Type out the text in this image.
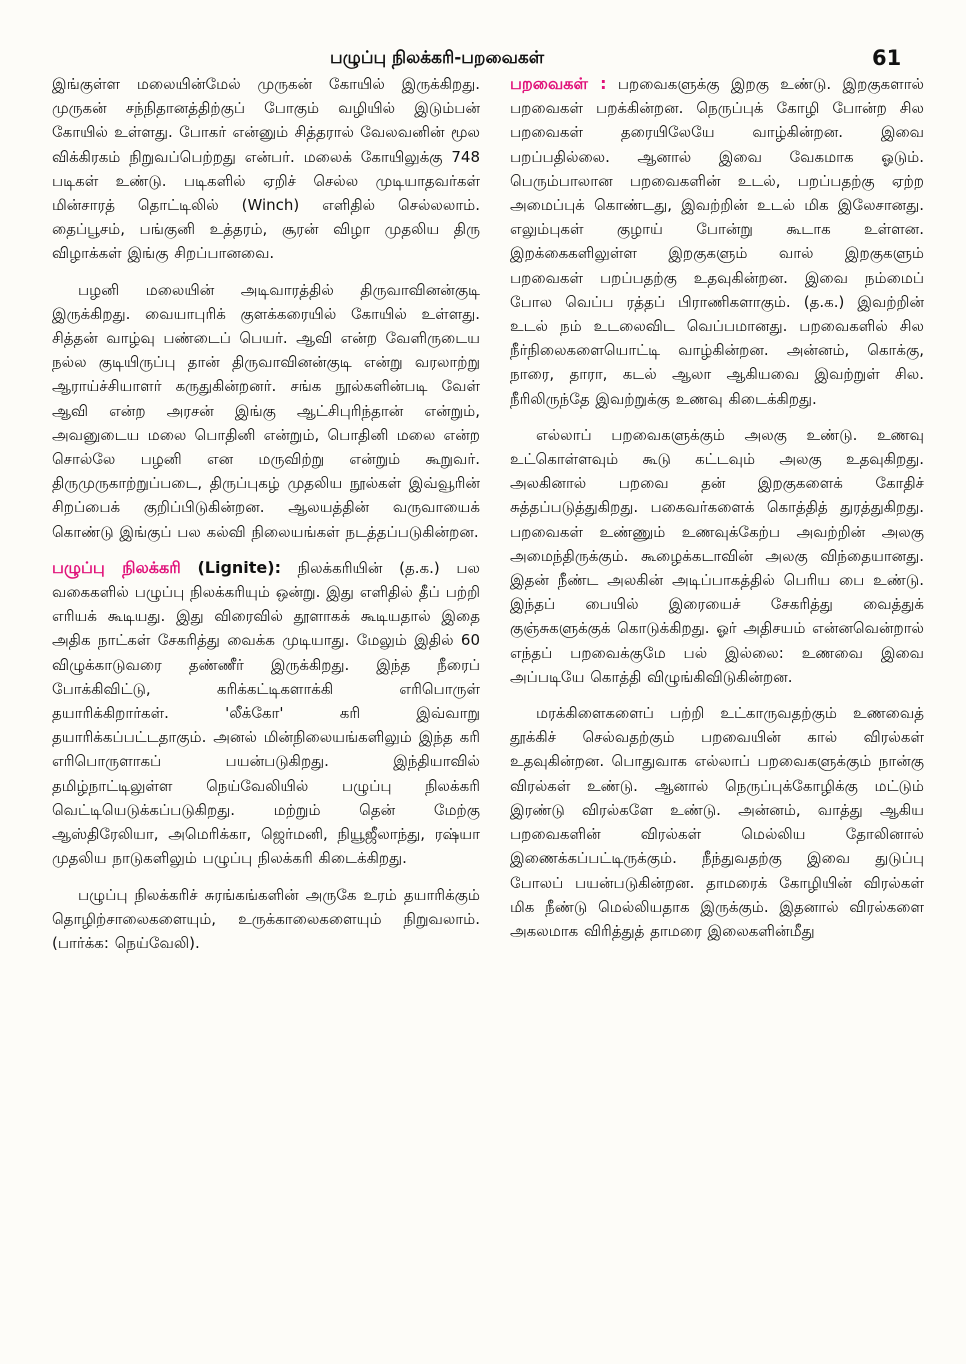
பழுப்பு நிலக்கரி-பறவைகள்	61

இங்குள்ள மலையின்மேல் முருகன் கோயில் இருக்கிறது. முருகன் சந்நிதானத்திற்குப் போகும் வழியில் இடும்பன் கோயில் உள்ளது. போகர் என்னும் சித்தரால் வேலவனின் மூல விக்கிரகம் நிறுவப்பெற்றது என்பர். மலைக் கோயிலுக்கு 748 படிகள் உண்டு. படிகளில் ஏறிச் செல்ல முடியாதவர்கள் மின்சாரத் தொட்டிலில் (Winch) எளிதில் செல்லலாம். தைப்பூசம், பங்குனி உத்தரம், சூரன் விழா முதலிய திரு விழாக்கள் இங்கு சிறப்பானவை.

பழனி மலையின் அடிவாரத்தில் திருவாவினன்குடி இருக்கிறது. வையாபுரிக் குளக்கரையில் கோயில் உள்ளது. சித்தன் வாழ்வு பண்டைப் பெயர். ஆவி என்ற வேளிருடைய நல்ல குடியிருப்பு தான் திருவாவினன்குடி என்று வரலாற்று ஆராய்ச்சியாளர் கருதுகின்றனர். சங்க நூல்களின்படி வேள் ஆவி என்ற அரசன் இங்கு ஆட்சிபுரிந்தான் என்றும், அவனுடைய மலை பொதினி என்றும், பொதினி மலை என்ற சொல்லே பழனி என மருவிற்று என்றும் கூறுவர். திருமுருகாற்றுப்படை, திருப்புகழ் முதலிய நூல்கள் இவ்வூரின் சிறப்பைக் குறிப்பிடுகின்றன. ஆலயத்தின் வருவாயைக் கொண்டு இங்குப் பல கல்வி நிலையங்கள் நடத்தப்படுகின்றன.

பழுப்பு நிலக்கரி (Lignite): நிலக்கரியின் (த.க.) பல வகைகளில் பழுப்பு நிலக்கரியும் ஒன்று. இது எளிதில் தீப் பற்றி எரியக் கூடியது. இது விரைவில் தூளாகக் கூடியதால் இதை அதிக நாட்கள் சேகரித்து வைக்க முடியாது. மேலும் இதில் 60 விழுக்காடுவரை தண்ணீர் இருக்கிறது. இந்த நீரைப் போக்கிவிட்டு, கரிக்கட்டிகளாக்கி எரிபொருள் தயாரிக்கிறார்கள். 'லீக்கோ' கரி இவ்வாறு தயாரிக்கப்பட்டதாகும். அனல் மின்நிலையங்களிலும் இந்த கரி எரிபொருளாகப் பயன்படுகிறது. இந்தியாவில் தமிழ்நாட்டிலுள்ள நெய்வேலியில் பழுப்பு நிலக்கரி வெட்டியெடுக்கப்படுகிறது. மற்றும் தென் மேற்கு ஆஸ்திரேலியா, அமெரிக்கா, ஜெர்மனி, நியூஜீலாந்து, ரஷ்யா முதலிய நாடுகளிலும் பழுப்பு நிலக்கரி கிடைக்கிறது.

பழுப்பு நிலக்கரிச் சுரங்கங்களின் அருகே உரம் தயாரிக்கும் தொழிற்சாலைகளையும், உருக்காலைகளையும் நிறுவலாம். (பார்க்க: நெய்வேலி).

பறவைகள் : பறவைகளுக்கு இறகு உண்டு. இறகுகளால் பறவைகள் பறக்கின்றன. நெருப்புக் கோழி போன்ற சில பறவைகள் தரையிலேயே வாழ்கின்றன. இவை பறப்பதில்லை. ஆனால் இவை வேகமாக ஓடும். பெரும்பாலான பறவைகளின் உடல், பறப்பதற்கு ஏற்ற அமைப்புக் கொண்டது, இவற்றின் உடல் மிக இலேசானது. எலும்புகள் குழாய் போன்று கூடாக உள்ளன. இறக்கைகளிலுள்ள இறகுகளும் வால் இறகுகளும் பறவைகள் பறப்பதற்கு உதவுகின்றன. இவை நம்மைப் போல வெப்ப ரத்தப் பிராணிகளாகும். (த.க.) இவற்றின் உடல் நம் உடலைவிட வெப்பமானது. பறவைகளில் சில நீர்நிலைகளையொட்டி வாழ்கின்றன. அன்னம், கொக்கு, நாரை, தாரா, கடல் ஆலா ஆகியவை இவற்றுள் சில. நீரிலிருந்தே இவற்றுக்கு உணவு கிடைக்கிறது.

எல்லாப் பறவைகளுக்கும் அலகு உண்டு. உணவு உட்கொள்ளவும் கூடு கட்டவும் அலகு உதவுகிறது. அலகினால் பறவை தன் இறகுகளைக் கோதிச் சுத்தப்படுத்துகிறது. பகைவர்களைக் கொத்தித் துரத்துகிறது. பறவைகள் உண்ணும் உணவுக்கேற்ப அவற்றின் அலகு அமைந்திருக்கும். கூழைக்கடாவின் அலகு விந்தையானது. இதன் நீண்ட அலகின் அடிப்பாகத்தில் பெரிய பை உண்டு. இந்தப் பையில் இரையைச் சேகரித்து வைத்துக் குஞ்சுகளுக்குக் கொடுக்கிறது. ஓர் அதிசயம் என்னவென்றால் எந்தப் பறவைக்குமே பல் இல்லை: உணவை இவை அப்படியே கொத்தி விழுங்கிவிடுகின்றன.

மரக்கிளைகளைப் பற்றி உட்காருவதற்கும் உணவைத் தூக்கிச் செல்வதற்கும் பறவையின் கால் விரல்கள் உதவுகின்றன. பொதுவாக எல்லாப் பறவைகளுக்கும் நான்கு விரல்கள் உண்டு. ஆனால் நெருப்புக்கோழிக்கு மட்டும் இரண்டு விரல்களே உண்டு. அன்னம், வாத்து ஆகிய பறவைகளின் விரல்கள் மெல்லிய தோலினால் இணைக்கப்பட்டிருக்கும். நீந்துவதற்கு இவை துடுப்பு போலப் பயன்படுகின்றன. தாமரைக் கோழியின் விரல்கள் மிக நீண்டு மெல்லியதாக இருக்கும். இதனால் விரல்களை அகலமாக விரித்துத் தாமரை இலைகளின்மீது
